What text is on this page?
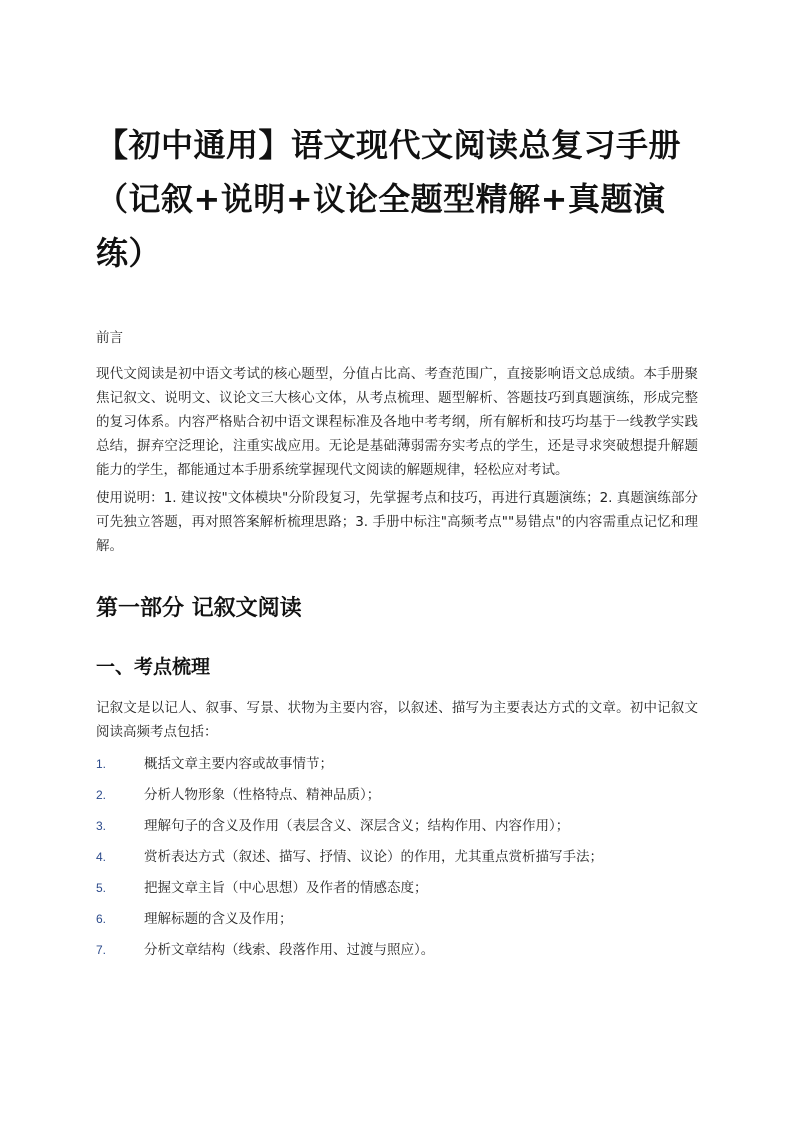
【初中通用】语文现代文阅读总复习手册（记叙+说明+议论全题型精解+真题演练）
前言
现代文阅读是初中语文考试的核心题型，分值占比高、考查范围广，直接影响语文总成绩。本手册聚焦记叙文、说明文、议论文三大核心文体，从考点梳理、题型解析、答题技巧到真题演练，形成完整的复习体系。内容严格贴合初中语文课程标准及各地中考考纲，所有解析和技巧均基于一线教学实践总结，摒弃空泛理论，注重实战应用。无论是基础薄弱需夯实考点的学生，还是寻求突破想提升解题能力的学生，都能通过本手册系统掌握现代文阅读的解题规律，轻松应对考试。
使用说明：1. 建议按"文体模块"分阶段复习，先掌握考点和技巧，再进行真题演练；2. 真题演练部分可先独立答题，再对照答案解析梳理思路；3. 手册中标注"高频考点""易错点"的内容需重点记忆和理解。
第一部分 记叙文阅读
一、考点梳理
记叙文是以记人、叙事、写景、状物为主要内容，以叙述、描写为主要表达方式的文章。初中记叙文阅读高频考点包括：
1.	概括文章主要内容或故事情节；
2.	分析人物形象（性格特点、精神品质）；
3.	理解句子的含义及作用（表层含义、深层含义；结构作用、内容作用）；
4.	赏析表达方式（叙述、描写、抒情、议论）的作用，尤其重点赏析描写手法；
5.	把握文章主旨（中心思想）及作者的情感态度；
6.	理解标题的含义及作用；
7.	分析文章结构（线索、段落作用、过渡与照应）。
